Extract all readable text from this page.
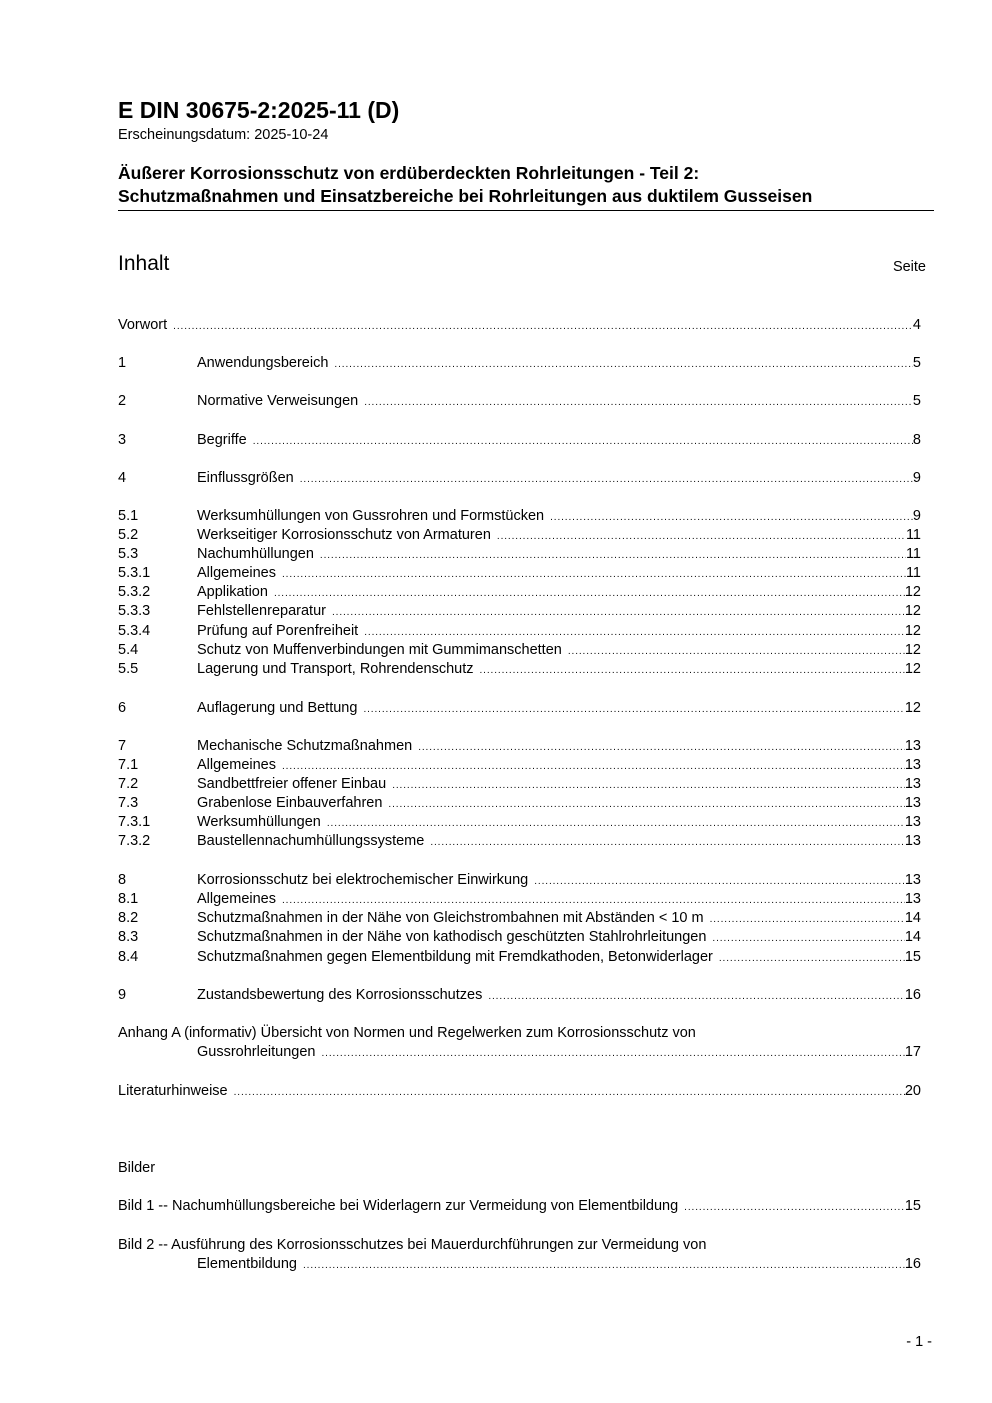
E DIN 30675-2:2025-11 (D)
Erscheinungsdatum: 2025-10-24
Äußerer Korrosionsschutz von erdüberdeckten Rohrleitungen - Teil 2:
Schutzmaßnahmen und Einsatzbereiche bei Rohrleitungen aus duktilem Gusseisen
Inhalt	Seite
Vorwort .....	4
1	Anwendungsbereich .....	5
2	Normative Verweisungen .....	5
3	Begriffe .....	8
4	Einflussgrößen .....	9
5.1	Werksumhüllungen von Gussrohren und Formstücken .....	9
5.2	Werkseitiger Korrosionsschutz von Armaturen .....	11
5.3	Nachumhüllungen .....	11
5.3.1	Allgemeines .....	11
5.3.2	Applikation .....	12
5.3.3	Fehlstellenreparatur .....	12
5.3.4	Prüfung auf Porenfreiheit .....	12
5.4	Schutz von Muffenverbindungen mit Gummimanschetten .....	12
5.5	Lagerung und Transport, Rohrendenschutz .....	12
6	Auflagerung und Bettung .....	12
7	Mechanische Schutzmaßnahmen .....	13
7.1	Allgemeines .....	13
7.2	Sandbettfreier offener Einbau .....	13
7.3	Grabenlose Einbauverfahren .....	13
7.3.1	Werksumhüllungen .....	13
7.3.2	Baustellennachumhüllungssysteme .....	13
8	Korrosionsschutz bei elektrochemischer Einwirkung .....	13
8.1	Allgemeines .....	13
8.2	Schutzmaßnahmen in der Nähe von Gleichstrombahnen mit Abständen < 10 m .....	14
8.3	Schutzmaßnahmen in der Nähe von kathodisch geschützten Stahlrohrleitungen .....	14
8.4	Schutzmaßnahmen gegen Elementbildung mit Fremdkathoden, Betonwiderlager .....	15
9	Zustandsbewertung des Korrosionsschutzes .....	16
Anhang A (informativ) Übersicht von Normen und Regelwerken zum Korrosionsschutz von
Gussrohrleitungen .....	17
Literaturhinweise .....	20
Bilder
Bild 1 -- Nachumhüllungsbereiche bei Widerlagern zur Vermeidung von Elementbildung .....	15
Bild 2 -- Ausführung des Korrosionsschutzes bei Mauerdurchführungen zur Vermeidung von
Elementbildung .....	16
- 1 -
